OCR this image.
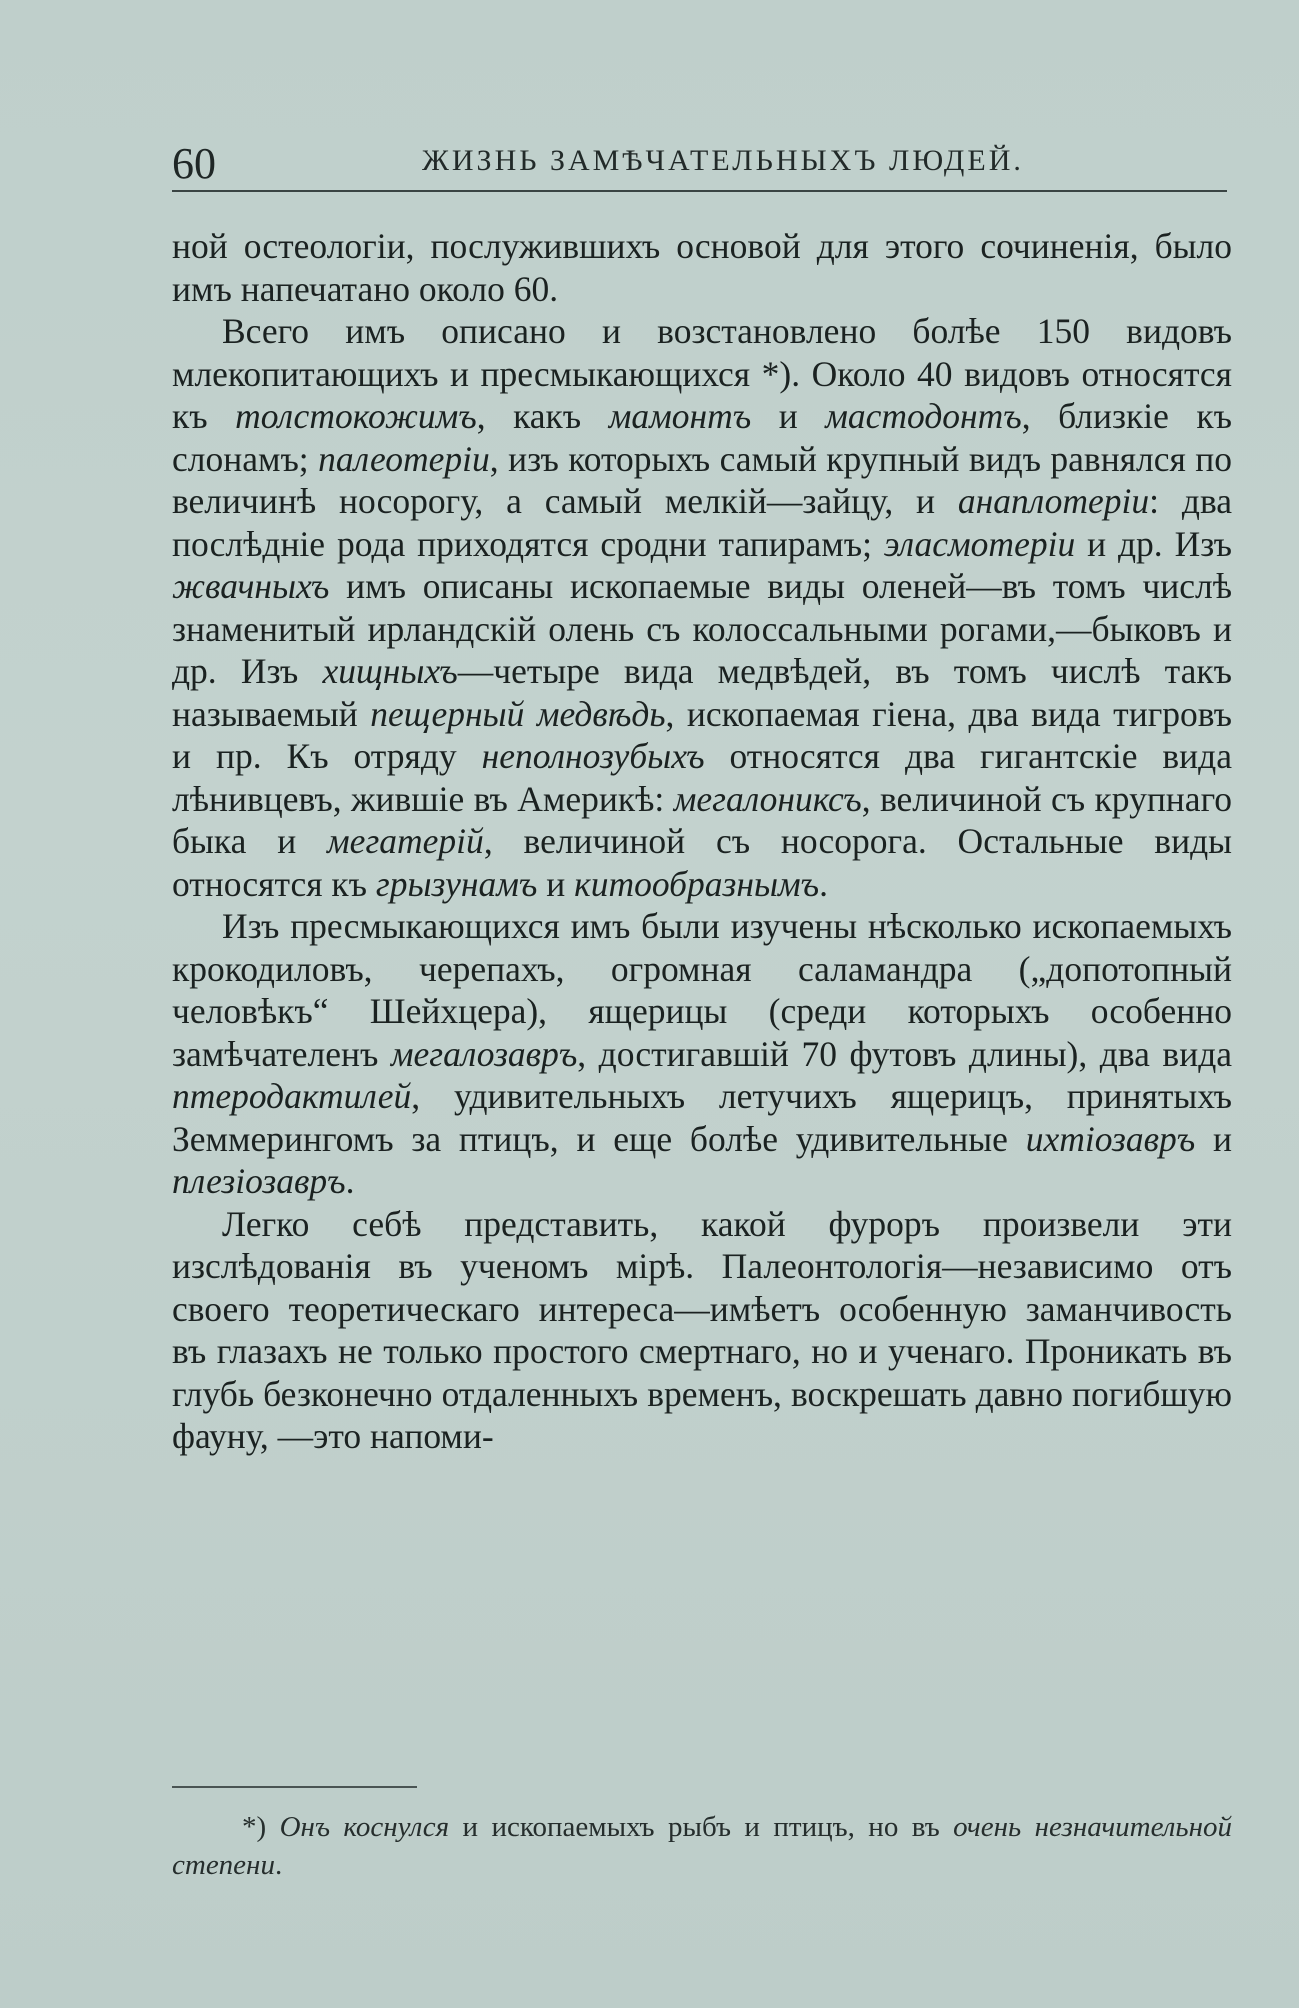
60	ЖИЗНЬ ЗАМѢЧАТЕЛЬНЫХЪ ЛЮДЕЙ.

ной остеологіи, послужившихъ основой для этого сочиненія, было имъ напечатано около 60.

Всего имъ описано и возстановлено болѣе 150 видовъ млекопитающихъ и пресмыкающихся *). Около 40 видовъ относятся къ толстокожимъ, какъ мамонтъ и мастодонтъ, близкіе къ слонамъ; палеотеріи, изъ которыхъ самый крупный видъ равнялся по величинѣ носорогу, а самый мелкій—зайцу, и анаплотеріи: два послѣдніе рода приходятся сродни тапирамъ; эласмотеріи и др. Изъ жвачныхъ имъ описаны ископаемые виды оленей—въ томъ числѣ знаменитый ирландскій олень съ колоссальными рогами,—быковъ и др. Изъ хищныхъ—четыре вида медвѣдей, въ томъ числѣ такъ называемый пещерный медвѣдь, ископаемая гіена, два вида тигровъ и пр. Къ отряду неполнозубыхъ относятся два гигантскіе вида лѣнивцевъ, жившіе въ Америкѣ: мегалониксъ, величиной съ крупнаго быка и мегатерій, величиной съ носорога. Остальные виды относятся къ грызунамъ и китообразнымъ.

Изъ пресмыкающихся имъ были изучены нѣсколько ископаемыхъ крокодиловъ, черепахъ, огромная саламандра („допотопный человѣкъ“ Шейхцера), ящерицы (среди которыхъ особенно замѣчателенъ мегалозавръ, достигавшій 70 футовъ длины), два вида птеродактилей, удивительныхъ летучихъ ящерицъ, принятыхъ Земмерингомъ за птицъ, и еще болѣе удивительные ихтіозавръ и плезіозавръ.

Легко себѣ представить, какой фуроръ произвели эти изслѣдованія въ ученомъ мірѣ. Палеонтологія—независимо отъ своего теоретическаго интереса—имѣетъ особенную заманчивость въ глазахъ не только простого смертнаго, но и ученаго. Проникать въ глубь безконечно отдаленныхъ временъ, воскрешать давно погибшую фауну, —это напоми-

*) Онъ коснулся и ископаемыхъ рыбъ и птицъ, но въ очень незначительной степени.
